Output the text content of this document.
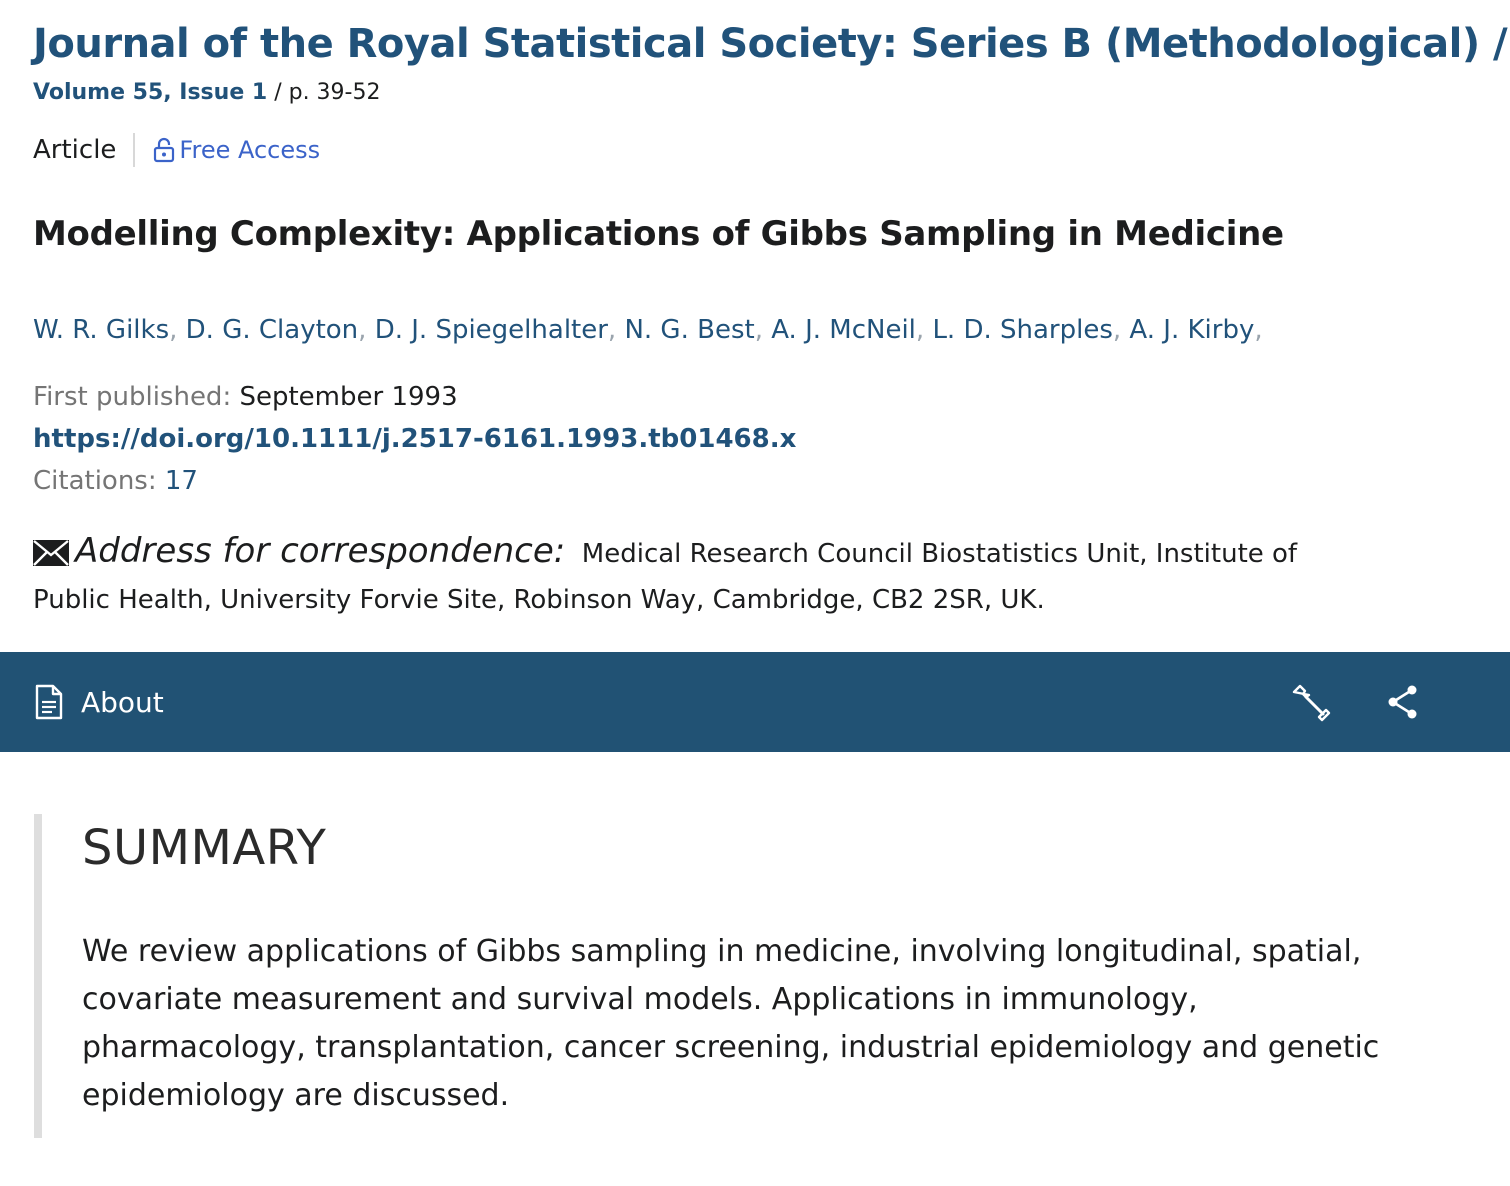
Journal of the Royal Statistical Society: Series B (Methodological) /
Volume 55, Issue 1 / p. 39-52
Article	Free Access
Modelling Complexity: Applications of Gibbs Sampling in Medicine
W. R. Gilks, D. G. Clayton, D. J. Spiegelhalter, N. G. Best, A. J. McNeil, L. D. Sharples, A. J. Kirby,
First published: September 1993
https://doi.org/10.1111/j.2517-6161.1993.tb01468.x
Citations: 17
Address for correspondence: Medical Research Council Biostatistics Unit, Institute of Public Health, University Forvie Site, Robinson Way, Cambridge, CB2 2SR, UK.
About
SUMMARY

We review applications of Gibbs sampling in medicine, involving longitudinal, spatial, covariate measurement and survival models. Applications in immunology, pharmacology, transplantation, cancer screening, industrial epidemiology and genetic epidemiology are discussed.
